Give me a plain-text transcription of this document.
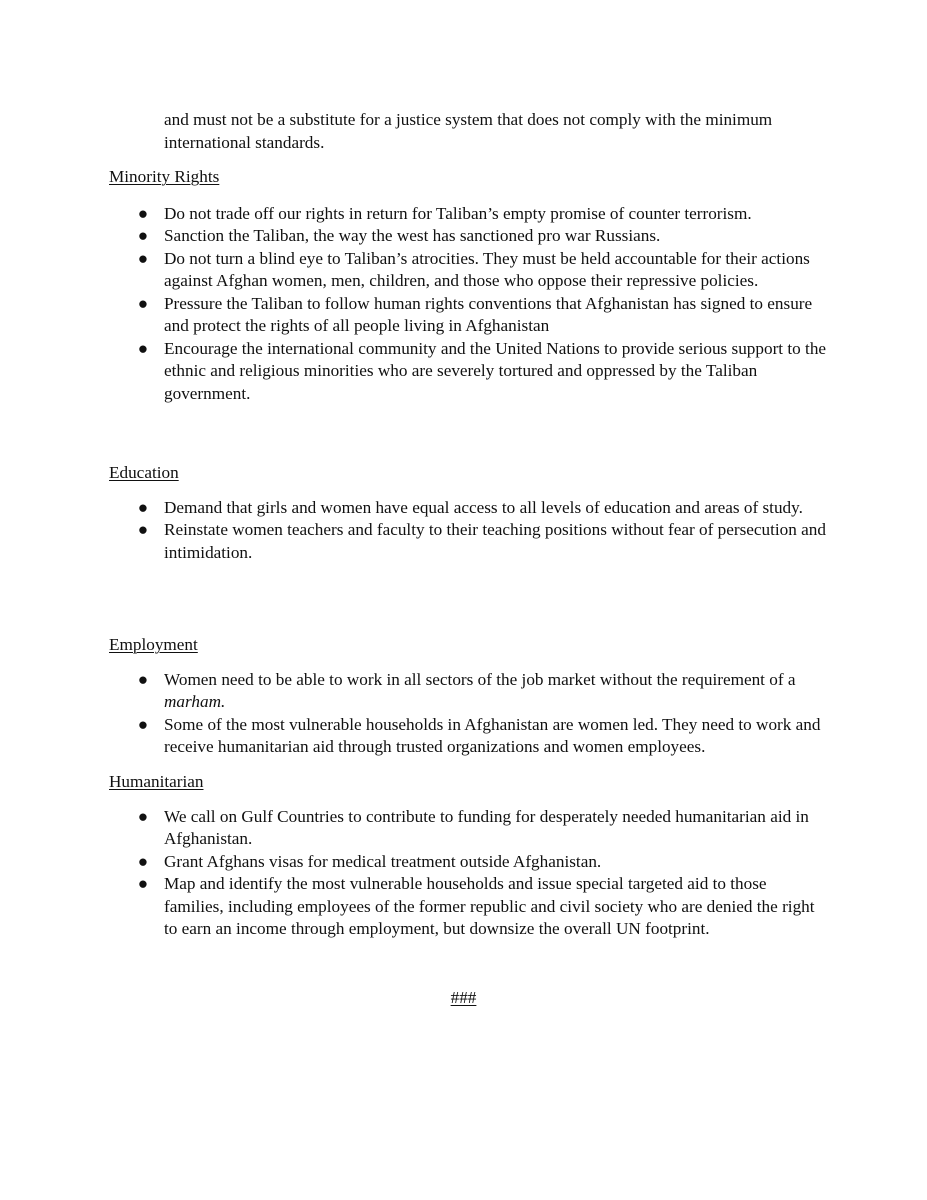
and must not be a substitute for a justice system that does not comply with the minimum international standards.
Minority Rights
● Do not trade off our rights in return for Taliban’s empty promise of counter terrorism.
● Sanction the Taliban, the way the west has sanctioned pro war Russians.
● Do not turn a blind eye to Taliban’s atrocities. They must be held accountable for their actions against Afghan women, men, children, and those who oppose their repressive policies.
● Pressure the Taliban to follow human rights conventions that Afghanistan has signed to ensure and protect the rights of all people living in Afghanistan
● Encourage the international community and the United Nations to provide serious support to the ethnic and religious minorities who are severely tortured and oppressed by the Taliban government.
Education
● Demand that girls and women have equal access to all levels of education and areas of study.
● Reinstate women teachers and faculty to their teaching positions without fear of persecution and intimidation.
Employment
● Women need to be able to work in all sectors of the job market without the requirement of a marham.
● Some of the most vulnerable households in Afghanistan are women led. They need to work and receive humanitarian aid through trusted organizations and women employees.
Humanitarian
● We call on Gulf Countries to contribute to funding for desperately needed humanitarian aid in Afghanistan.
● Grant Afghans visas for medical treatment outside Afghanistan.
● Map and identify the most vulnerable households and issue special targeted aid to those families, including employees of the former republic and civil society who are denied the right to earn an income through employment, but downsize the overall UN footprint.
###
